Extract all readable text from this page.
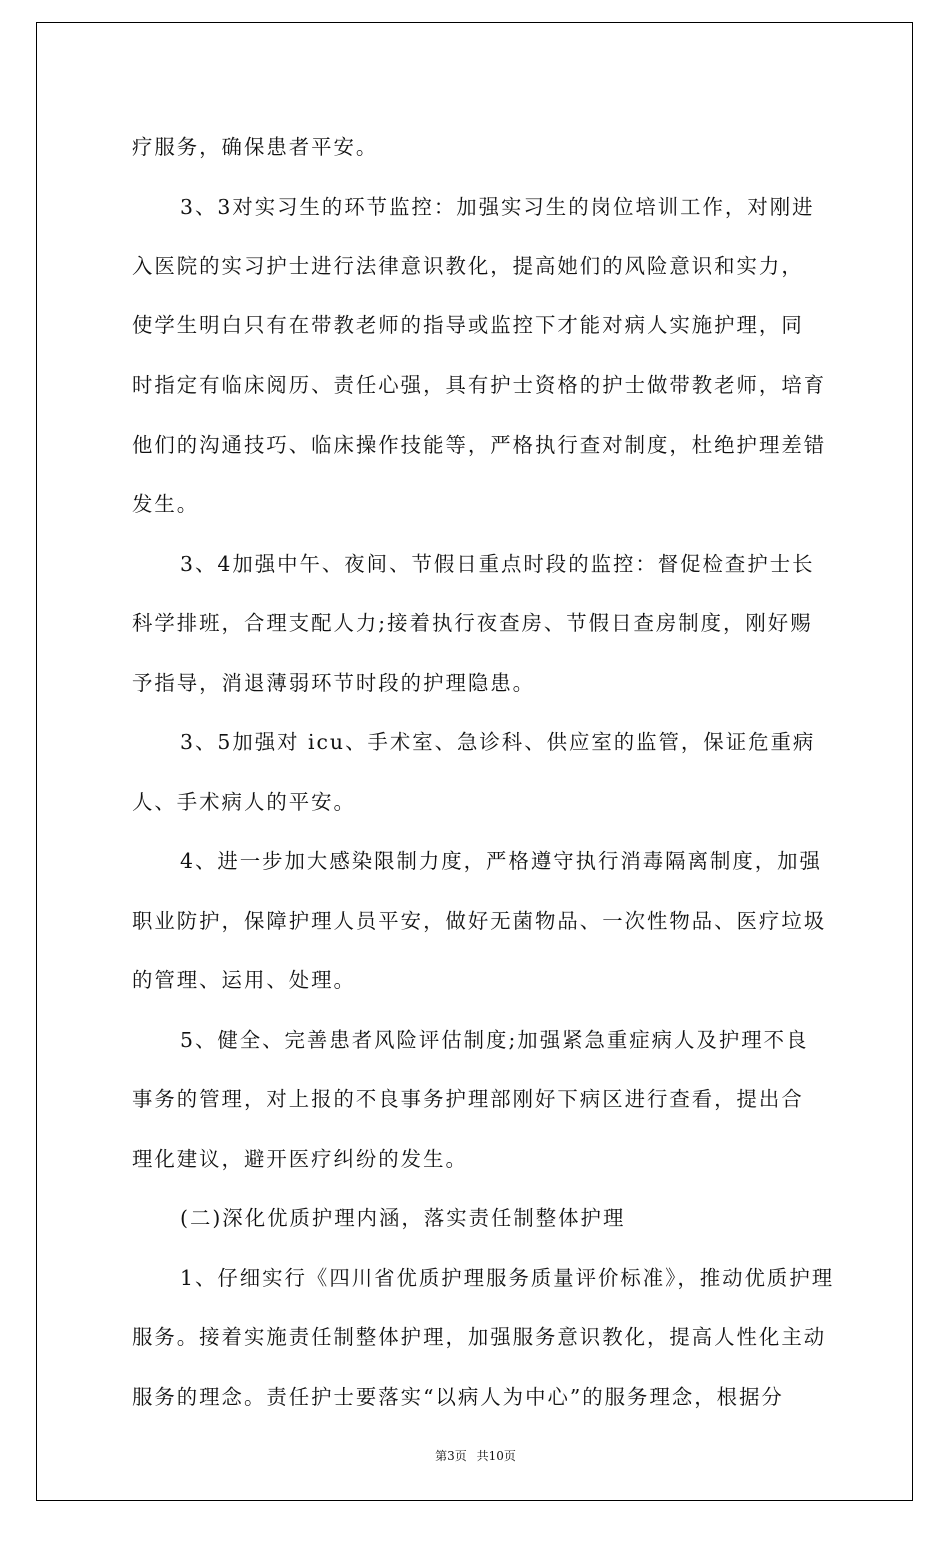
疗服务，确保患者平安。
3、3对实习生的环节监控：加强实习生的岗位培训工作，对刚进
入医院的实习护士进行法律意识教化，提高她们的风险意识和实力，
使学生明白只有在带教老师的指导或监控下才能对病人实施护理，同
时指定有临床阅历、责任心强，具有护士资格的护士做带教老师，培育
他们的沟通技巧、临床操作技能等，严格执行查对制度，杜绝护理差错
发生。
3、4加强中午、夜间、节假日重点时段的监控：督促检查护士长
科学排班，合理支配人力;接着执行夜查房、节假日查房制度，刚好赐
予指导，消退薄弱环节时段的护理隐患。
3、5加强对 icu、手术室、急诊科、供应室的监管，保证危重病
人、手术病人的平安。
4、进一步加大感染限制力度，严格遵守执行消毒隔离制度，加强
职业防护，保障护理人员平安，做好无菌物品、一次性物品、医疗垃圾
的管理、运用、处理。
5、健全、完善患者风险评估制度;加强紧急重症病人及护理不良
事务的管理，对上报的不良事务护理部刚好下病区进行查看，提出合
理化建议，避开医疗纠纷的发生。
(二)深化优质护理内涵，落实责任制整体护理
1、仔细实行《四川省优质护理服务质量评价标准》，推动优质护理
服务。接着实施责任制整体护理，加强服务意识教化，提高人性化主动
服务的理念。责任护士要落实“以病人为中心”的服务理念，根据分
第3页 共10页
